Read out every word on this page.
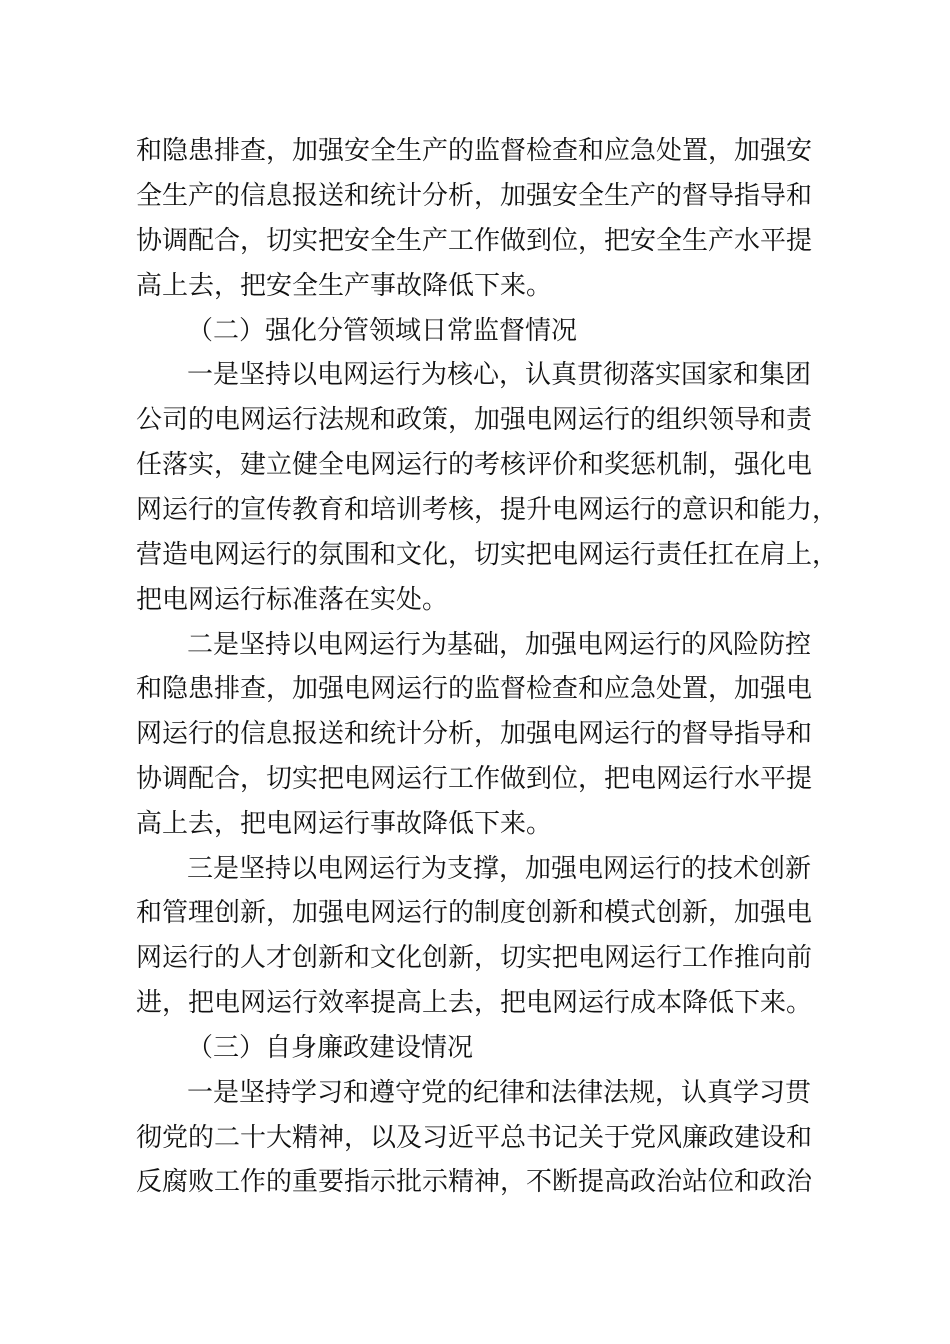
和隐患排查，加强安全生产的监督检查和应急处置，加强安
全生产的信息报送和统计分析，加强安全生产的督导指导和
协调配合，切实把安全生产工作做到位，把安全生产水平提
高上去，把安全生产事故降低下来。
（二）强化分管领域日常监督情况
一是坚持以电网运行为核心，认真贯彻落实国家和集团
公司的电网运行法规和政策，加强电网运行的组织领导和责
任落实，建立健全电网运行的考核评价和奖惩机制，强化电
网运行的宣传教育和培训考核，提升电网运行的意识和能力，
营造电网运行的氛围和文化，切实把电网运行责任扛在肩上，
把电网运行标准落在实处。
二是坚持以电网运行为基础，加强电网运行的风险防控
和隐患排查，加强电网运行的监督检查和应急处置，加强电
网运行的信息报送和统计分析，加强电网运行的督导指导和
协调配合，切实把电网运行工作做到位，把电网运行水平提
高上去，把电网运行事故降低下来。
三是坚持以电网运行为支撑，加强电网运行的技术创新
和管理创新，加强电网运行的制度创新和模式创新，加强电
网运行的人才创新和文化创新，切实把电网运行工作推向前
进，把电网运行效率提高上去，把电网运行成本降低下来。
（三）自身廉政建设情况
一是坚持学习和遵守党的纪律和法律法规，认真学习贯
彻党的二十大精神，以及习近平总书记关于党风廉政建设和
反腐败工作的重要指示批示精神，不断提高政治站位和政治
